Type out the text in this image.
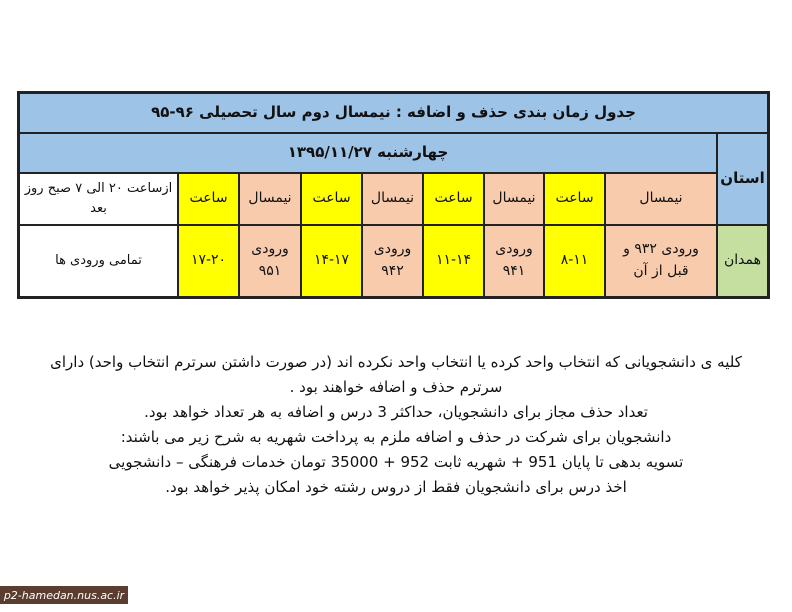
جدول زمان بندی حذف و اضافه : نیمسال دوم سال تحصیلی ۹۶-۹۵
چهارشنبه ۱۳۹۵/۱۱/۲۷
استان
نیمسال
ساعت
نیمسال
ساعت
نیمسال
ساعت
نیمسال
ساعت
ازساعت ۲۰ الی ۷ صبح روز بعد
همدان
ورودی ۹۳۲ و قبل از آن
۸-۱۱
ورودی ۹۴۱
۱۱-۱۴
ورودی ۹۴۲
۱۴-۱۷
ورودی ۹۵۱
۱۷-۲۰
تمامی ورودی ها
کلیه ی دانشجویانی که انتخاب واحد کرده یا انتخاب واحد نکرده اند (در صورت داشتن سرترم انتخاب واحد) دارای
سرترم حذف و اضافه خواهند بود .
تعداد حذف مجاز برای دانشجویان، حداکثر 3 درس و اضافه به هر تعداد خواهد بود.
دانشجویان برای شرکت در حذف و اضافه ملزم به پرداخت شهریه به شرح زیر می باشند:
تسویه بدهی تا پایان 951 + شهریه ثابت 952 + 35000 تومان خدمات فرهنگی – دانشجویی
اخذ درس برای دانشجویان فقط از دروس رشته خود امکان پذیر خواهد بود.
p2-hamedan.nus.ac.ir
